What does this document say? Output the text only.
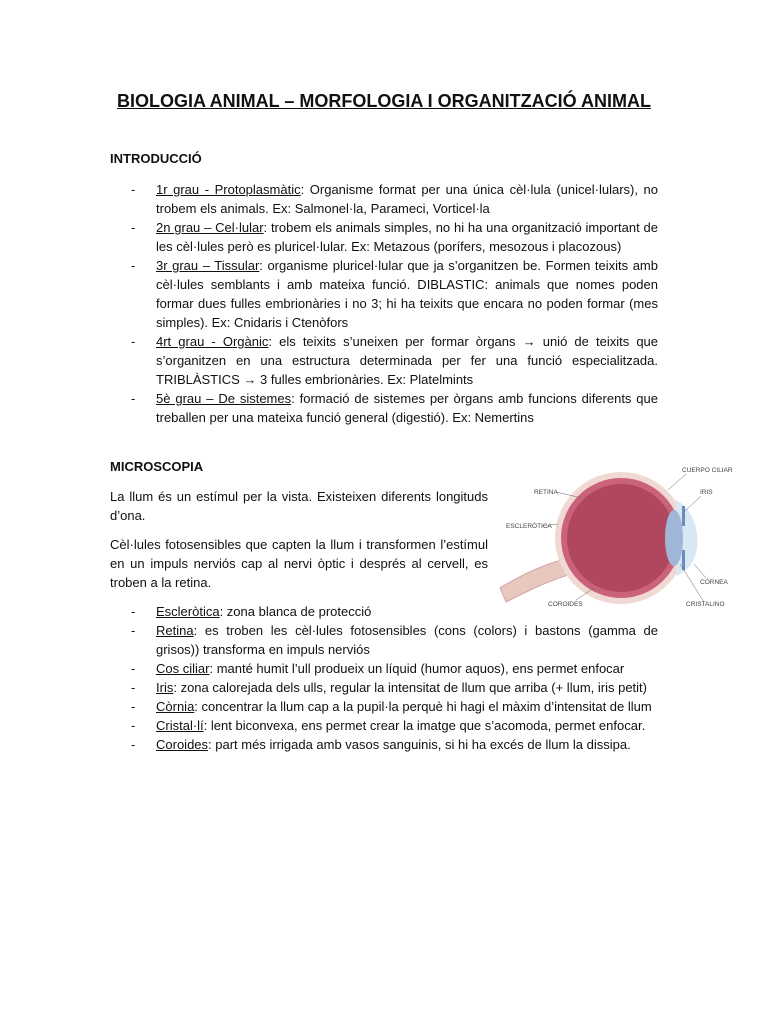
BIOLOGIA ANIMAL – MORFOLOGIA I ORGANITZACIÓ ANIMAL
INTRODUCCIÓ
- 1r grau - Protoplasmàtic: Organisme format per una única cèl·lula (unicel·lulars), no trobem els animals. Ex: Salmonel·la, Parameci, Vorticel·la
- 2n grau – Cel·lular: trobem els animals simples, no hi ha una organització important de les cèl·lules però es pluricel·lular. Ex: Metazous (porífers, mesozous i placozous)
- 3r grau – Tissular: organisme pluricel·lular que ja s’organitzen be. Formen teixits amb cèl·lules semblants i amb mateixa funció. DIBLASTIC: animals que nomes poden formar dues fulles embrionàries i no 3; hi ha teixits que encara no poden formar (mes simples). Ex: Cnidaris i Ctenòfors
- 4rt grau - Orgànic: els teixits s’uneixen per formar òrgans → unió de teixits que s’organitzen en una estructura determinada per fer una funció especialitzada. TRIBLÀSTICS → 3 fulles embrionàries. Ex: Platelmints
- 5è grau – De sistemes: formació de sistemes per òrgans amb funcions diferents que treballen per una mateixa funció general (digestió). Ex: Nemertins
MICROSCOPIA

La llum és un estímul per la vista. Existeixen diferents longituds d’ona.

Cèl·lules fotosensibles que capten la llum i transformen l’estímul en un impuls nerviós cap al nervi òptic i després al cervell, es troben a la retina.

CUERPO CILIAR
IRIS
RETINA
ESCLERÓTICA
CÓRNEA
COROIDES	CRISTALINO
- Escleròtica: zona blanca de protecció
- Retina: es troben les cèl·lules fotosensibles (cons (colors) i bastons (gamma de grisos)) transforma en impuls nerviós
- Cos ciliar: manté humit l’ull produeix un líquid (humor aquos), ens permet enfocar
- Iris: zona calorejada dels ulls, regular la intensitat de llum que arriba (+ llum, iris petit)
- Còrnia: concentrar la llum cap a la pupil·la perquè hi hagi el màxim d’intensitat de llum
- Cristal·lí: lent biconvexa, ens permet crear la imatge que s’acomoda, permet enfocar.
- Coroides: part més irrigada amb vasos sanguinis, si hi ha excés de llum la dissipa.
